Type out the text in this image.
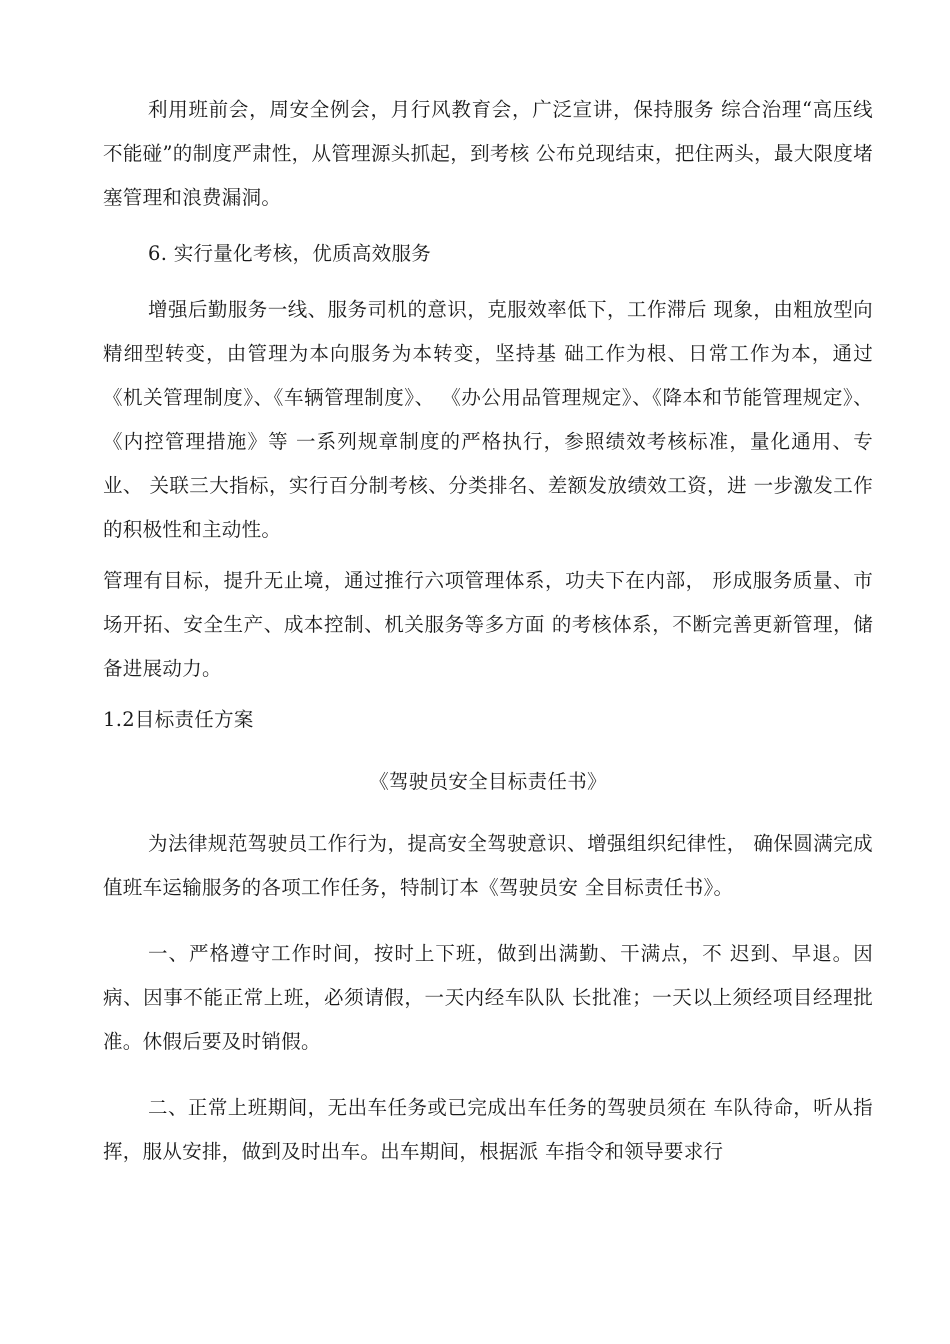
利用班前会，周安全例会，月行风教育会，广泛宣讲，保持服务 综合治理“高压线不能碰”的制度严肃性，从管理源头抓起，到考核 公布兑现结束，把住两头，最大限度堵塞管理和浪费漏洞。

6. 实行量化考核，优质高效服务

增强后勤服务一线、服务司机的意识，克服效率低下，工作滞后 现象，由粗放型向精细型转变，由管理为本向服务为本转变，坚持基 础工作为根、日常工作为本，通过《机关管理制度》、《车辆管理制度》、 《办公用品管理规定》、《降本和节能管理规定》、《内控管理措施》等 一系列规章制度的严格执行，参照绩效考核标准，量化通用、专业、 关联三大指标，实行百分制考核、分类排名、差额发放绩效工资，进 一步激发工作的积极性和主动性。

管理有目标，提升无止境，通过推行六项管理体系，功夫下在内部， 形成服务质量、市场开拓、安全生产、成本控制、机关服务等多方面 的考核体系，不断完善更新管理，储备进展动力。

1.2目标责任方案

《驾驶员安全目标责任书》

为法律规范驾驶员工作行为，提高安全驾驶意识、增强组织纪律性， 确保圆满完成值班车运输服务的各项工作任务，特制订本《驾驶员安 全目标责任书》。

一、严格遵守工作时间，按时上下班，做到出满勤、干满点，不 迟到、早退。因病、因事不能正常上班，必须请假，一天内经车队队 长批准；一天以上须经项目经理批准。休假后要及时销假。

二、正常上班期间，无出车任务或已完成出车任务的驾驶员须在 车队待命，听从指挥，服从安排，做到及时出车。出车期间，根据派 车指令和领导要求行
